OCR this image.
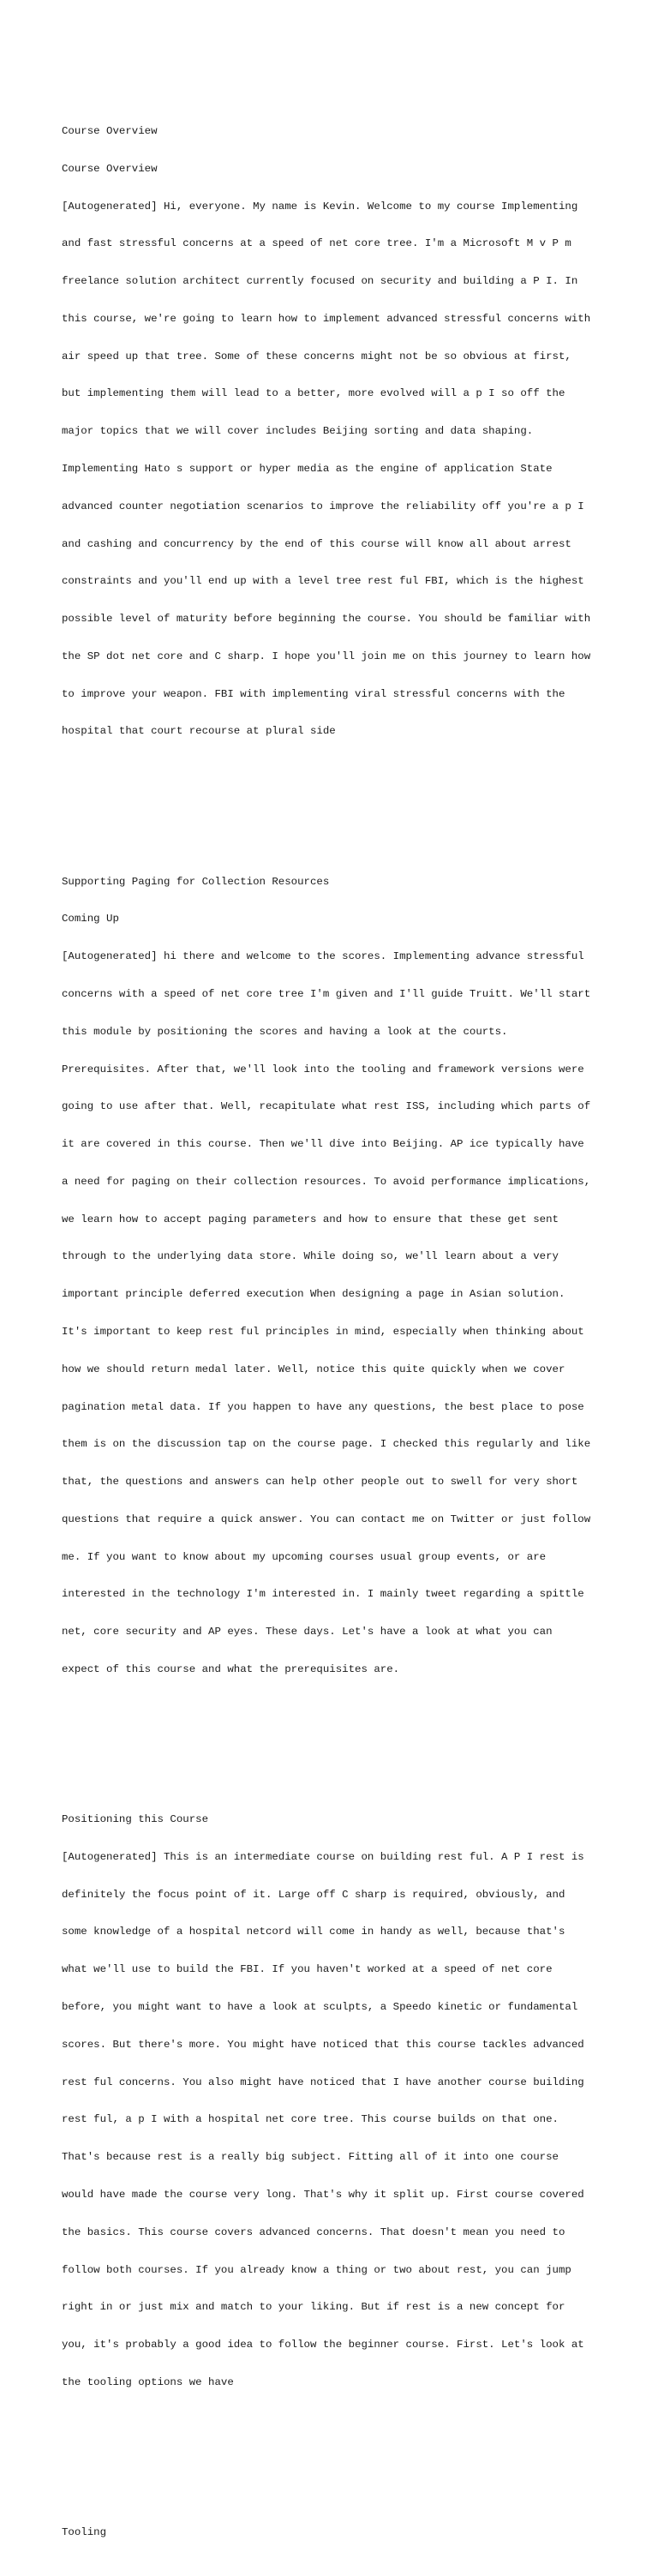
Course Overview

Course Overview

[Autogenerated] Hi, everyone. My name is Kevin. Welcome to my course Implementing

and fast stressful concerns at a speed of net core tree. I'm a Microsoft M v P m

freelance solution architect currently focused on security and building a P I. In

this course, we're going to learn how to implement advanced stressful concerns with

air speed up that tree. Some of these concerns might not be so obvious at first,

but implementing them will lead to a better, more evolved will a p I so off the

major topics that we will cover includes Beijing sorting and data shaping.

Implementing Hato s support or hyper media as the engine of application State

advanced counter negotiation scenarios to improve the reliability off you're a p I

and cashing and concurrency by the end of this course will know all about arrest

constraints and you'll end up with a level tree rest ful FBI, which is the highest

possible level of maturity before beginning the course. You should be familiar with

the SP dot net core and C sharp. I hope you'll join me on this journey to learn how

to improve your weapon. FBI with implementing viral stressful concerns with the

hospital that court recourse at plural side

Supporting Paging for Collection Resources

Coming Up

[Autogenerated] hi there and welcome to the scores. Implementing advance stressful

concerns with a speed of net core tree I'm given and I'll guide Truitt. We'll start

this module by positioning the scores and having a look at the courts.

Prerequisites. After that, we'll look into the tooling and framework versions were

going to use after that. Well, recapitulate what rest ISS, including which parts of

it are covered in this course. Then we'll dive into Beijing. AP ice typically have

a need for paging on their collection resources. To avoid performance implications,

we learn how to accept paging parameters and how to ensure that these get sent

through to the underlying data store. While doing so, we'll learn about a very

important principle deferred execution When designing a page in Asian solution.

It's important to keep rest ful principles in mind, especially when thinking about

how we should return medal later. Well, notice this quite quickly when we cover

pagination metal data. If you happen to have any questions, the best place to pose

them is on the discussion tap on the course page. I checked this regularly and like

that, the questions and answers can help other people out to swell for very short

questions that require a quick answer. You can contact me on Twitter or just follow

me. If you want to know about my upcoming courses usual group events, or are

interested in the technology I'm interested in. I mainly tweet regarding a spittle

net, core security and AP eyes. These days. Let's have a look at what you can

expect of this course and what the prerequisites are.

Positioning this Course

[Autogenerated] This is an intermediate course on building rest ful. A P I rest is

definitely the focus point of it. Large off C sharp is required, obviously, and

some knowledge of a hospital netcord will come in handy as well, because that's

what we'll use to build the FBI. If you haven't worked at a speed of net core

before, you might want to have a look at sculpts, a Speedo kinetic or fundamental

scores. But there's more. You might have noticed that this course tackles advanced

rest ful concerns. You also might have noticed that I have another course building

rest ful, a p I with a hospital net core tree. This course builds on that one.

That's because rest is a really big subject. Fitting all of it into one course

would have made the course very long. That's why it split up. First course covered

the basics. This course covers advanced concerns. That doesn't mean you need to

follow both courses. If you already know a thing or two about rest, you can jump

right in or just mix and match to your liking. But if rest is a new concept for

you, it's probably a good idea to follow the beginner course. First. Let's look at

the tooling options we have

Tooling
